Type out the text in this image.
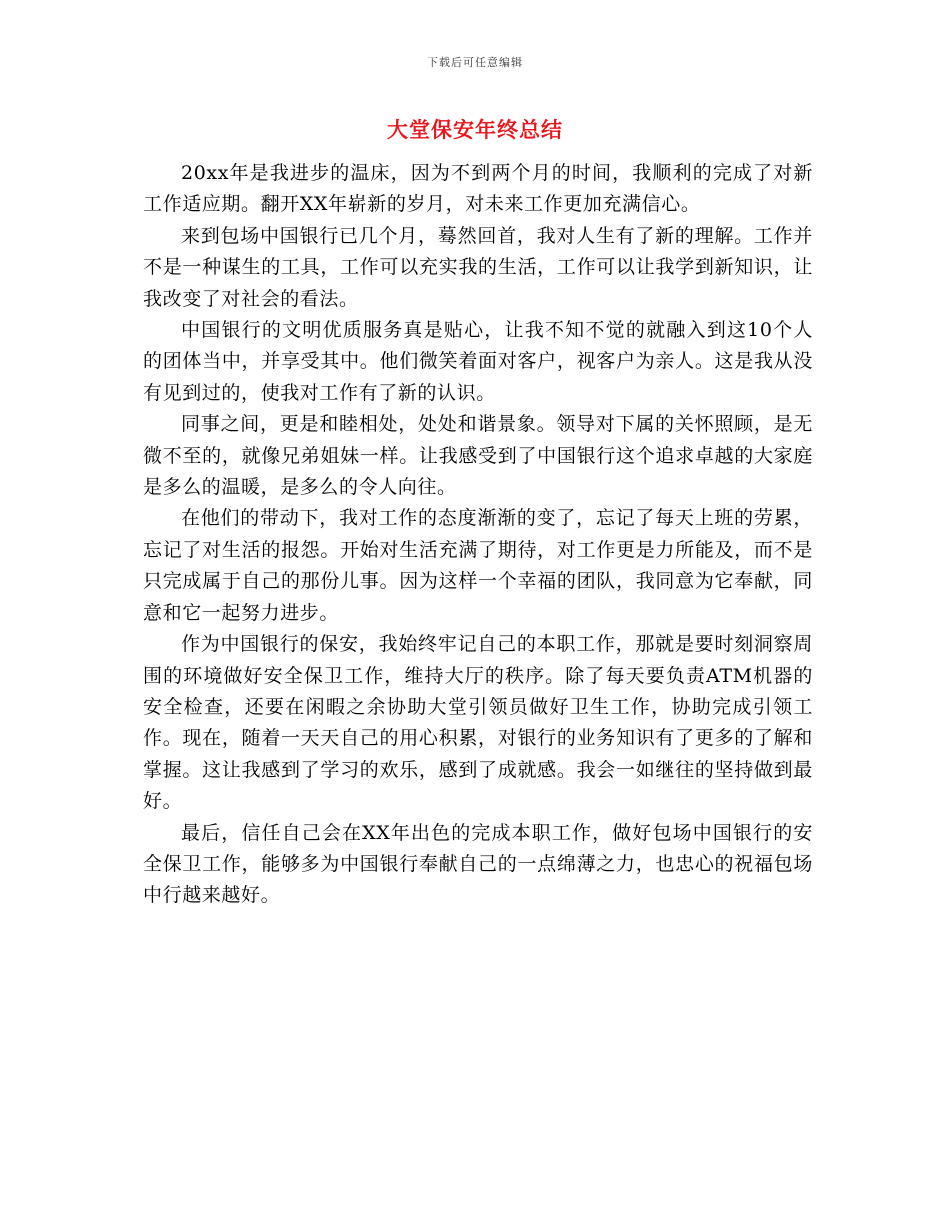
下载后可任意编辑
大堂保安年终总结

20xx年是我进步的温床，因为不到两个月的时间，我顺利的完成了对新工作适应期。翻开XX年崭新的岁月，对未来工作更加充满信心。

来到包场中国银行已几个月，蓦然回首，我对人生有了新的理解。工作并不是一种谋生的工具，工作可以充实我的生活，工作可以让我学到新知识，让我改变了对社会的看法。

中国银行的文明优质服务真是贴心，让我不知不觉的就融入到这10个人的团体当中，并享受其中。他们微笑着面对客户，视客户为亲人。这是我从没有见到过的，使我对工作有了新的认识。

同事之间，更是和睦相处，处处和谐景象。领导对下属的关怀照顾，是无微不至的，就像兄弟姐妹一样。让我感受到了中国银行这个追求卓越的大家庭是多么的温暖，是多么的令人向往。

在他们的带动下，我对工作的态度渐渐的变了，忘记了每天上班的劳累，忘记了对生活的报怨。开始对生活充满了期待，对工作更是力所能及，而不是只完成属于自己的那份儿事。因为这样一个幸福的团队，我同意为它奉献，同意和它一起努力进步。

作为中国银行的保安，我始终牢记自己的本职工作，那就是要时刻洞察周围的环境做好安全保卫工作，维持大厅的秩序。除了每天要负责ATM机器的安全检查，还要在闲暇之余协助大堂引领员做好卫生工作，协助完成引领工作。现在，随着一天天自己的用心积累，对银行的业务知识有了更多的了解和掌握。这让我感到了学习的欢乐，感到了成就感。我会一如继往的坚持做到最好。

最后，信任自己会在XX年出色的完成本职工作，做好包场中国银行的安全保卫工作，能够多为中国银行奉献自己的一点绵薄之力，也忠心的祝福包场中行越来越好。
